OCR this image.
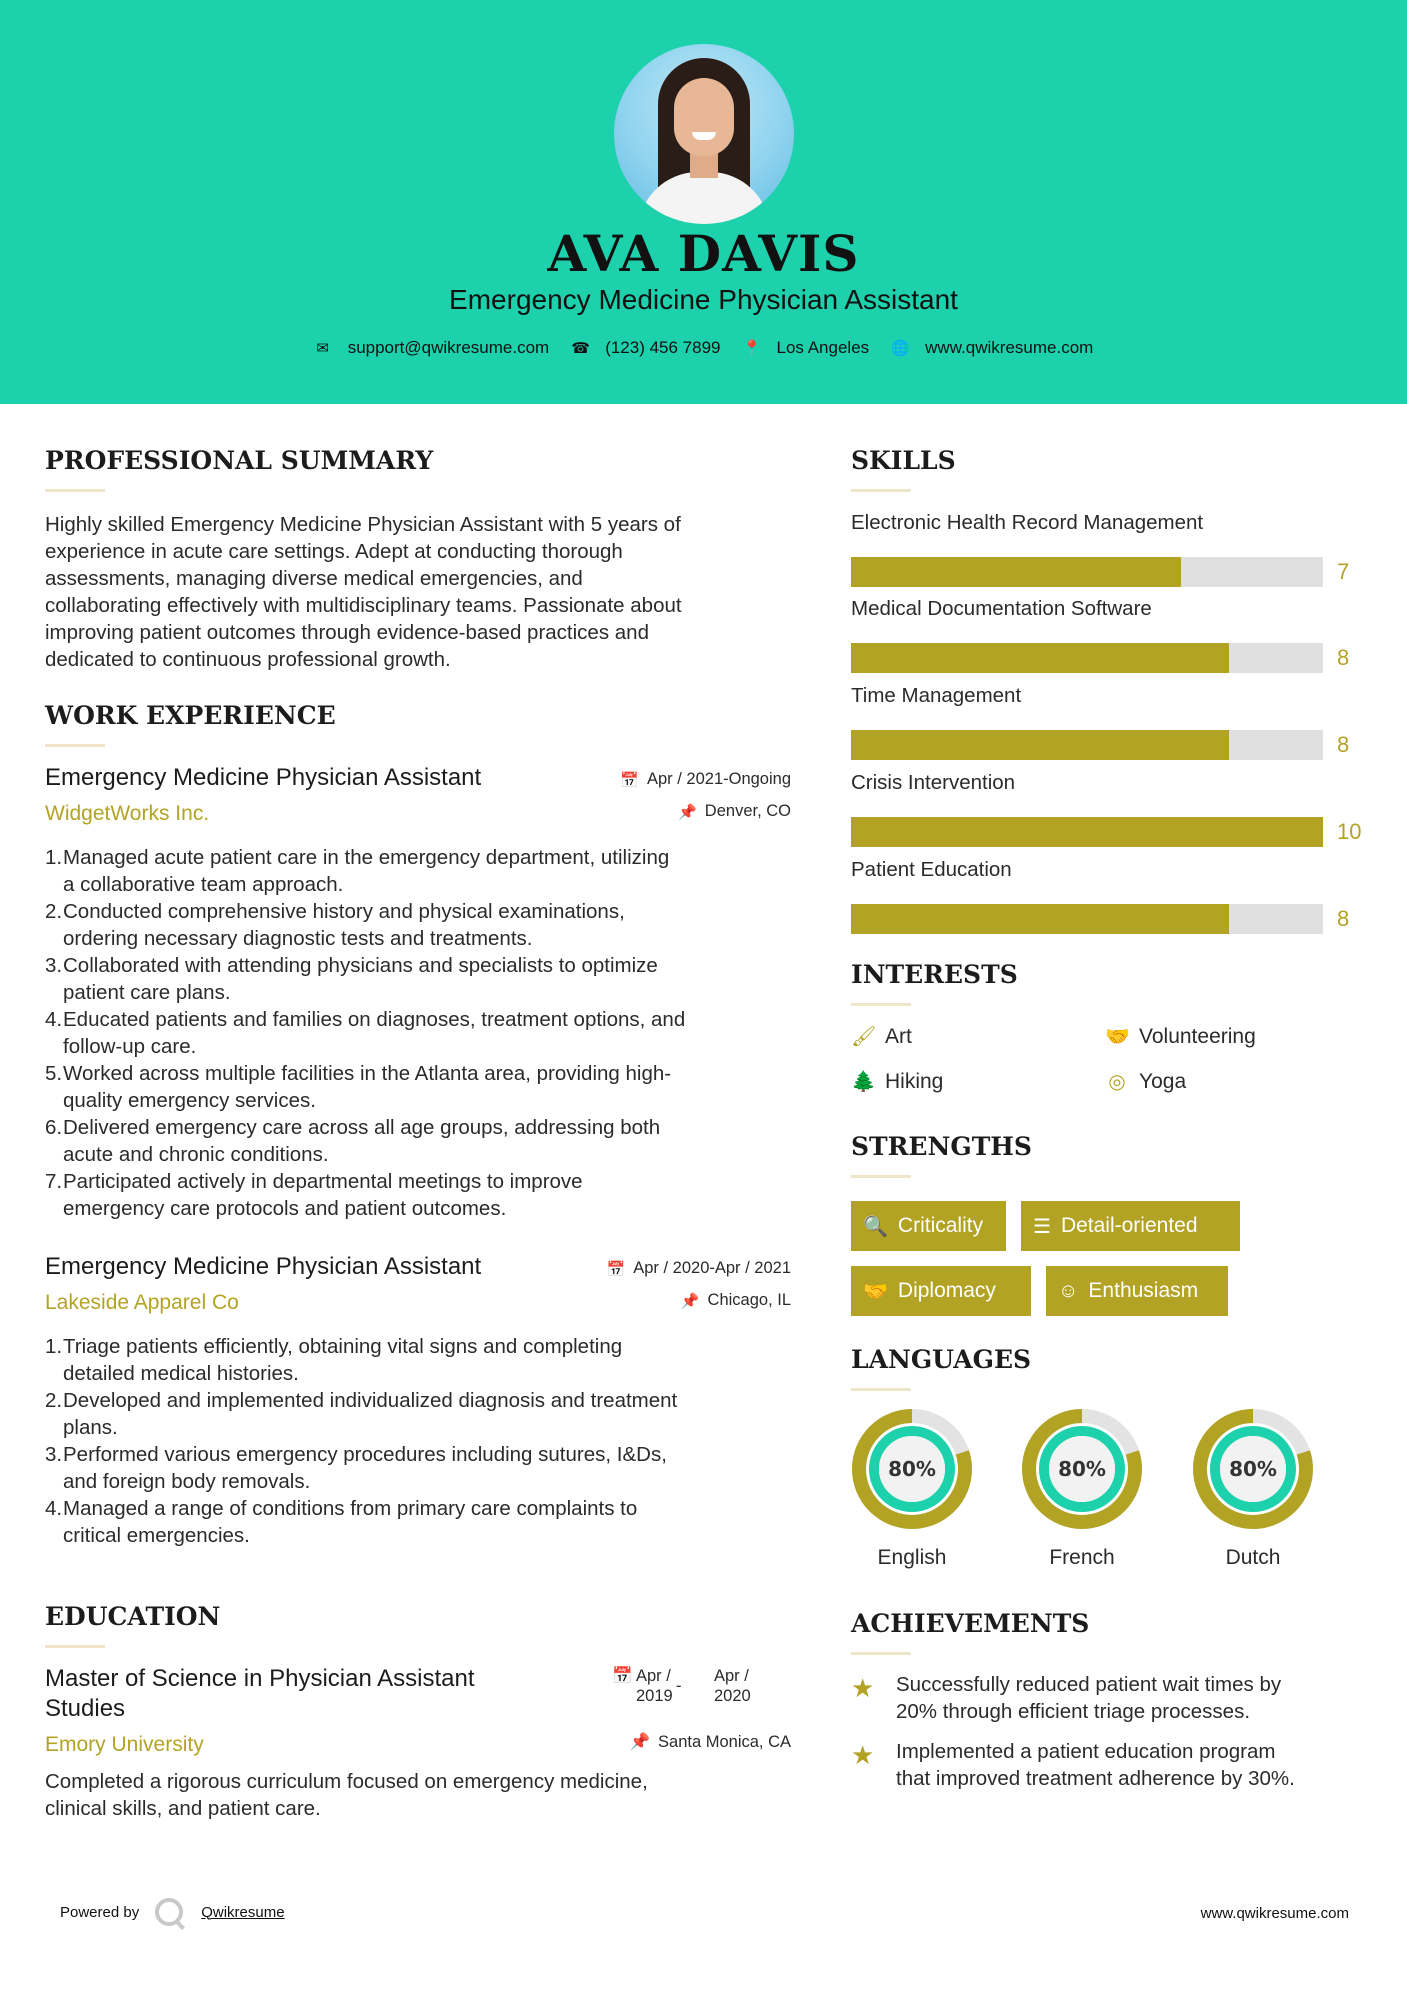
AVA DAVIS
Emergency Medicine Physician Assistant
✉ support@qwikresume.com ☎ (123) 456 7899 📍 Los Angeles 🌐 www.qwikresume.com
PROFESSIONAL SUMMARY
Highly skilled Emergency Medicine Physician Assistant with 5 years of
experience in acute care settings. Adept at conducting thorough
assessments, managing diverse medical emergencies, and
collaborating effectively with multidisciplinary teams. Passionate about
improving patient outcomes through evidence-based practices and
dedicated to continuous professional growth.
WORK EXPERIENCE
Emergency Medicine Physician Assistant
WidgetWorks Inc.
📅 Apr / 2021-Ongoing
📌 Denver, CO
1. Managed acute patient care in the emergency department, utilizing
a collaborative team approach.
2. Conducted comprehensive history and physical examinations,
ordering necessary diagnostic tests and treatments.
3. Collaborated with attending physicians and specialists to optimize
patient care plans.
4. Educated patients and families on diagnoses, treatment options, and
follow-up care.
5. Worked across multiple facilities in the Atlanta area, providing high-
quality emergency services.
6. Delivered emergency care across all age groups, addressing both
acute and chronic conditions.
7. Participated actively in departmental meetings to improve
emergency care protocols and patient outcomes.
Emergency Medicine Physician Assistant
Lakeside Apparel Co
📅 Apr / 2020-Apr / 2021
📌 Chicago, IL
1. Triage patients efficiently, obtaining vital signs and completing
detailed medical histories.
2. Developed and implemented individualized diagnosis and treatment
plans.
3. Performed various emergency procedures including sutures, I&Ds,
and foreign body removals.
4. Managed a range of conditions from primary care complaints to
critical emergencies.
EDUCATION
Master of Science in Physician Assistant
Studies
Emory University
📅 Apr /
2019
-
Apr /
2020
📌 Santa Monica, CA
Completed a rigorous curriculum focused on emergency medicine,
clinical skills, and patient care.
SKILLS
Electronic Health Record Management
7
Medical Documentation Software
8
Time Management
8
Crisis Intervention
10
Patient Education
8
INTERESTS
🖌 Art	🤝 Volunteering
🌲 Hiking	◎ Yoga
STRENGTHS
🔍 Criticality ☰ Detail-oriented
🤝 Diplomacy	☺ Enthusiasm
LANGUAGES
80%
English
80%
French
80%
Dutch
ACHIEVEMENTS
★ Successfully reduced patient wait times by
20% through efficient triage processes.
★ Implemented a patient education program
that improved treatment adherence by 30%.
Powered by	Qwikresume	www.qwikresume.com
